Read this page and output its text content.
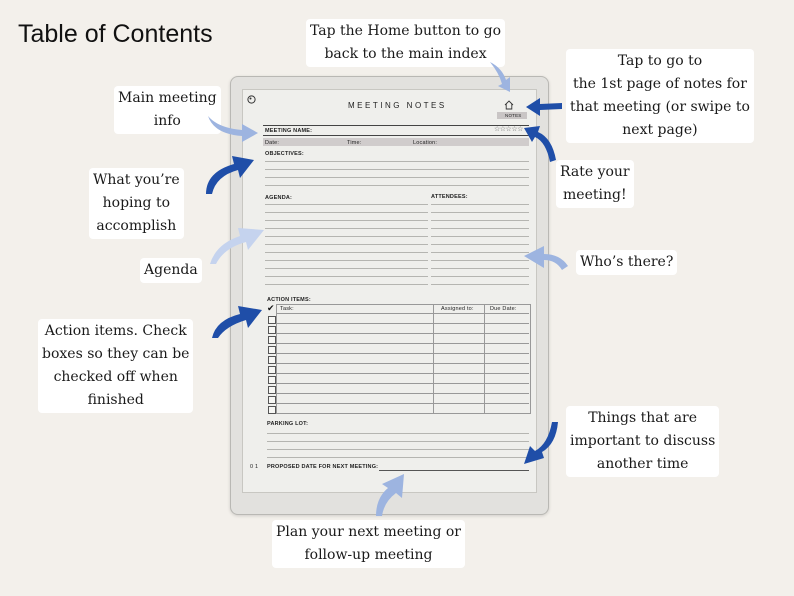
Table of Contents	Tap the Home button to go
back to the main index	Tap to go to
the 1st page of notes for
that meeting (or swipe to
next page)
Main meeting
info
Rate your
meeting!
What you’re
hoping to
accomplish
Agenda	Who’s there?
Action items. Check
boxes so they can be
checked off when
finished
Things that are
important to discuss
another time
Plan your next meeting or
follow-up meeting
MEETING NOTES
NOTES
MEETING NAME:	☆☆☆☆☆
Date:	Time:	Location:
OBJECTIVES:
AGENDA:	ATTENDEES:
ACTION ITEMS:
Task:	Assigned to:	Due Date:
✔
PARKING LOT:
0 1 PROPOSED DATE FOR NEXT MEETING:
